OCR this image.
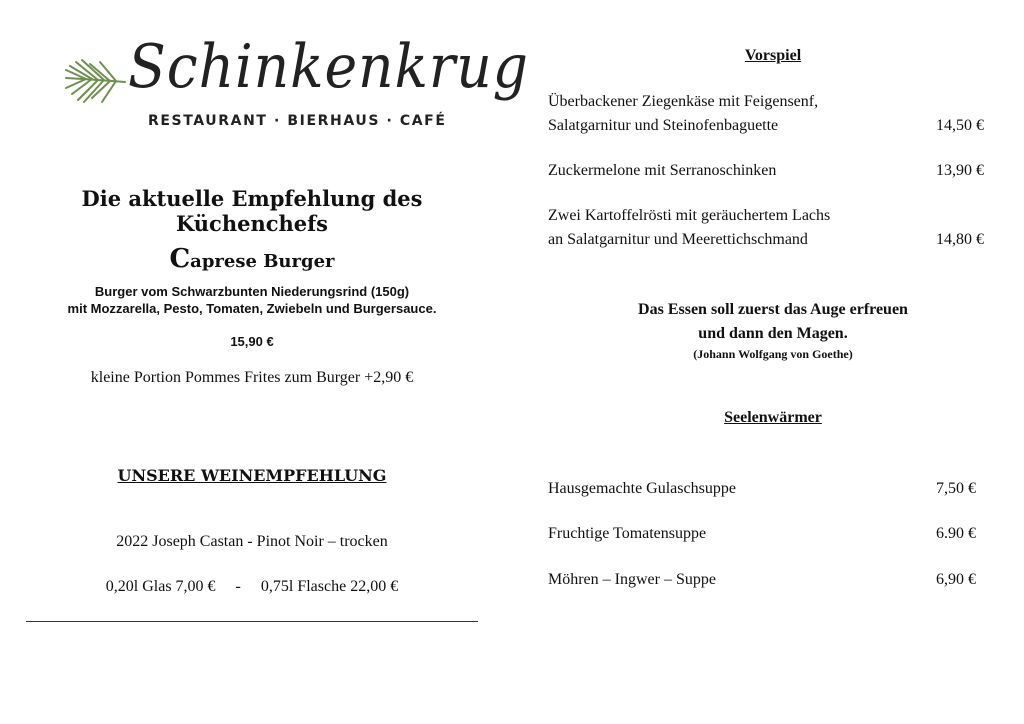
Schinkenkrug
RESTAURANT · BIERHAUS · CAFÉ
Die aktuelle Empfehlung des Küchenchefs
Caprese Burger
Burger vom Schwarzbunten Niederungsrind (150g)
mit Mozzarella, Pesto, Tomaten, Zwiebeln und Burgersauce.
15,90 €
kleine Portion Pommes Frites zum Burger +2,90 €
UNSERE WEINEMPFEHLUNG
2022 Joseph Castan - Pinot Noir – trocken
0,20l Glas 7,00 €     -     0,75l Flasche 22,00 €
Vorspiel
Überbackener Ziegenkäse mit Feigensenf,
Salatgarnitur und Steinofenbaguette	14,50 €
Zuckermelone mit Serranoschinken	13,90 €
Zwei Kartoffelrösti mit geräuchertem Lachs
an Salatgarnitur und Meerettichschmand	14,80 €
Das Essen soll zuerst das Auge erfreuen
und dann den Magen.
(Johann Wolfgang von Goethe)
Seelenwärmer
Hausgemachte Gulaschsuppe	7,50 €
Fruchtige Tomatensuppe	6.90 €
Möhren – Ingwer – Suppe	6,90 €
